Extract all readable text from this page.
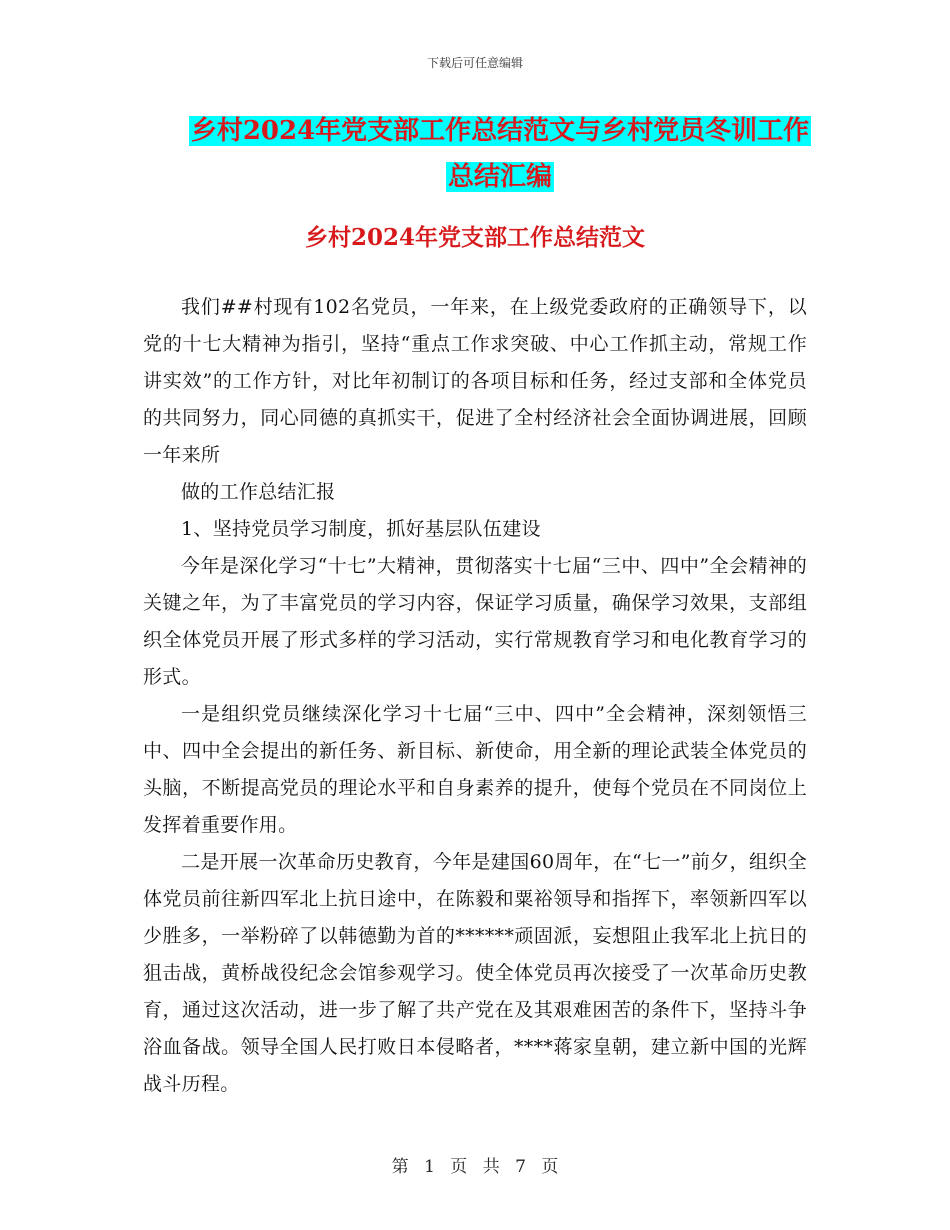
下载后可任意编辑
乡村2024年党支部工作总结范文与乡村党员冬训工作
总结汇编
乡村2024年党支部工作总结范文

我们##村现有102名党员，一年来，在上级党委政府的正确领导下，以党的十七大精神为指引，坚持“重点工作求突破、中心工作抓主动，常规工作讲实效”的工作方针，对比年初制订的各项目标和任务，经过支部和全体党员的共同努力，同心同德的真抓实干，促进了全村经济社会全面协调进展，回顾一年来所

做的工作总结汇报

1、坚持党员学习制度，抓好基层队伍建设

今年是深化学习“十七”大精神，贯彻落实十七届“三中、四中”全会精神的关键之年，为了丰富党员的学习内容，保证学习质量，确保学习效果，支部组织全体党员开展了形式多样的学习活动，实行常规教育学习和电化教育学习的形式。

一是组织党员继续深化学习十七届“三中、四中”全会精神，深刻领悟三中、四中全会提出的新任务、新目标、新使命，用全新的理论武装全体党员的头脑，不断提高党员的理论水平和自身素养的提升，使每个党员在不同岗位上发挥着重要作用。

二是开展一次革命历史教育，今年是建国60周年，在“七一”前夕，组织全体党员前往新四军北上抗日途中，在陈毅和粟裕领导和指挥下，率领新四军以少胜多，一举粉碎了以韩德勤为首的******顽固派，妄想阻止我军北上抗日的狙击战，黄桥战役纪念会馆参观学习。使全体党员再次接受了一次革命历史教育，通过这次活动，进一步了解了共产党在及其艰难困苦的条件下，坚持斗争浴血备战。领导全国人民打败日本侵略者，****蒋家皇朝，建立新中国的光辉战斗历程。

第 1 页 共 7 页
